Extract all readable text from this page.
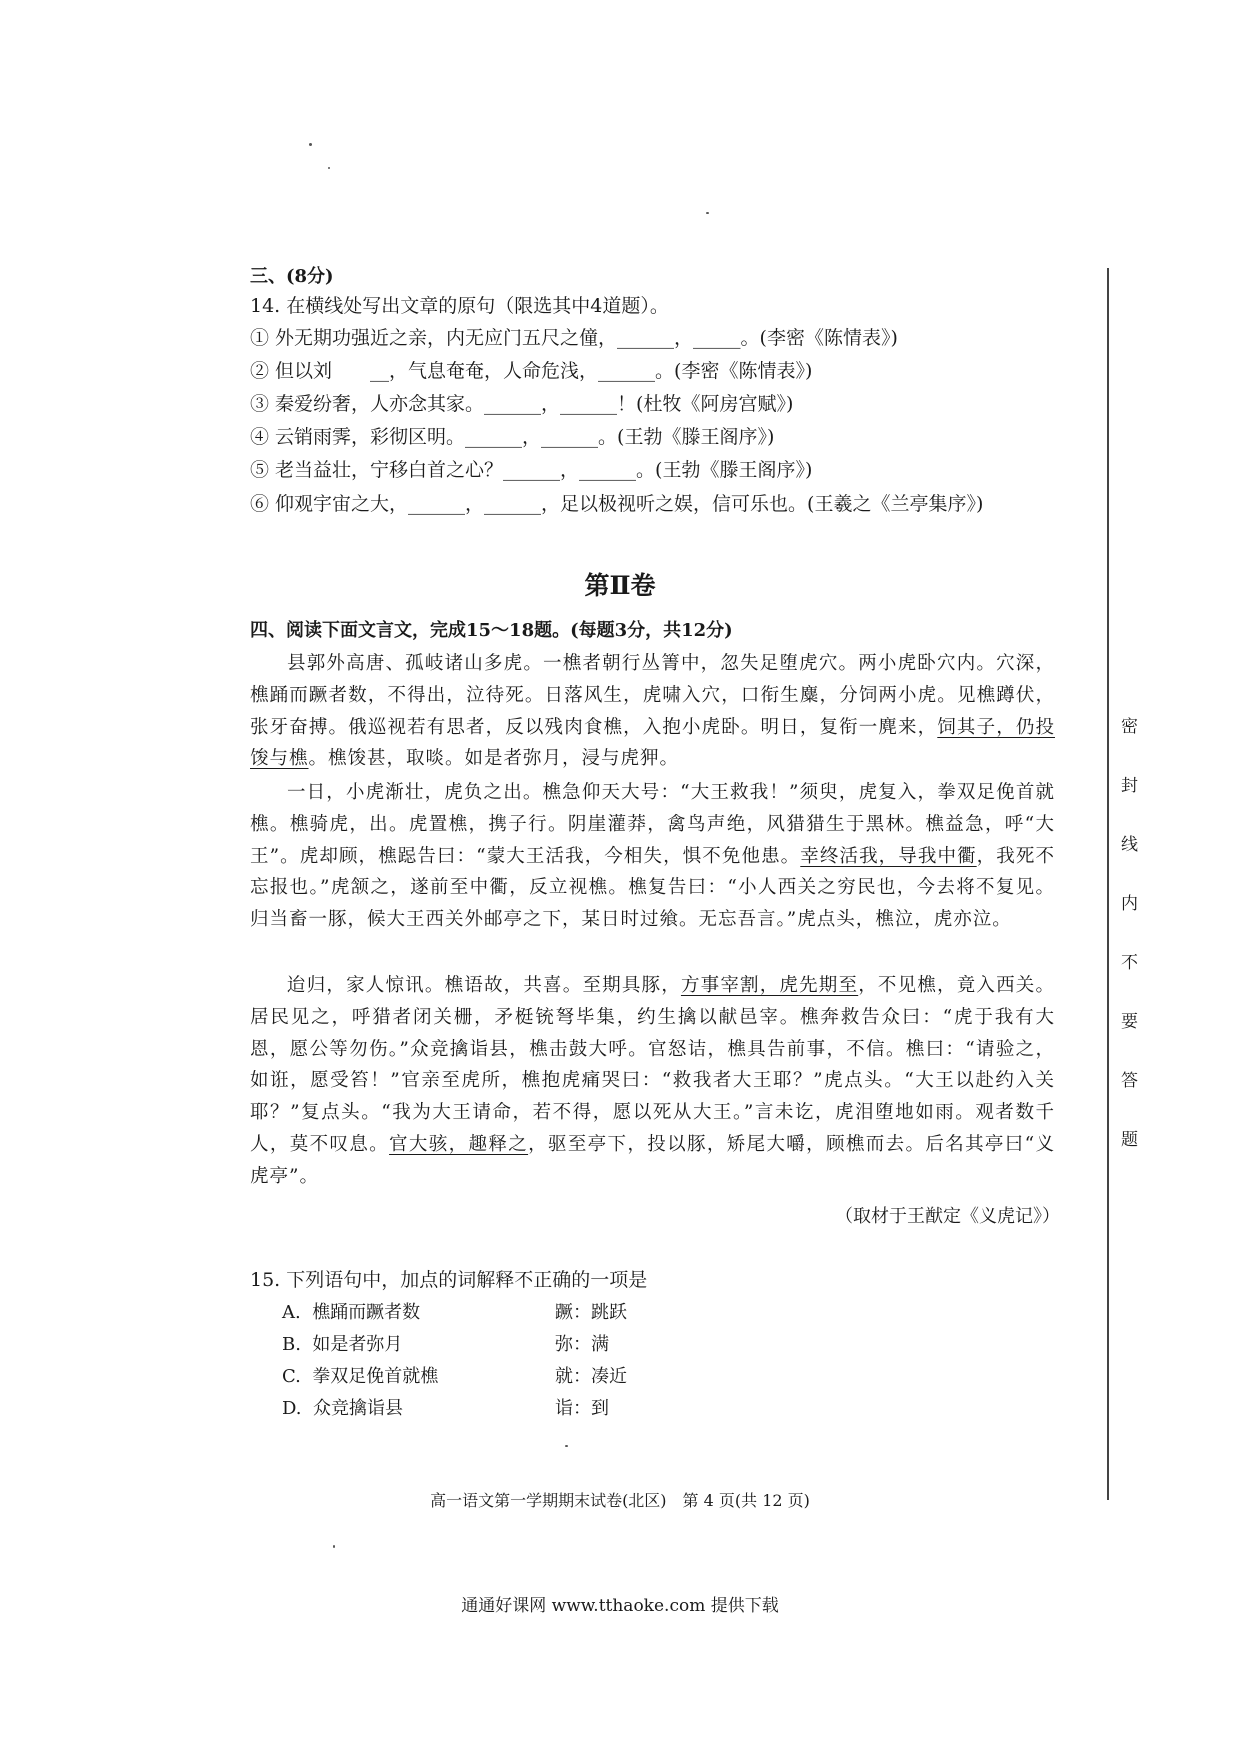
三、(8分)
14. 在横线处写出文章的原句（限选其中4道题）。
① 外无期功强近之亲，内无应门五尺之僮，______，_____。(李密《陈情表》)
② 但以刘　　__，气息奄奄，人命危浅，______。(李密《陈情表》)
③ 秦爱纷奢，人亦念其家。______，______！(杜牧《阿房宫赋》)
④ 云销雨霁，彩彻区明。______，______。(王勃《滕王阁序》)
⑤ 老当益壮，宁移白首之心？______，______。(王勃《滕王阁序》)
⑥ 仰观宇宙之大，______，______，足以极视听之娱，信可乐也。(王羲之《兰亭集序》)
第Ⅱ卷
四、阅读下面文言文，完成15～18题。(每题3分，共12分)
县郭外高唐、孤岐诸山多虎。一樵者朝行丛箐中，忽失足堕虎穴。两小虎卧穴内。穴深，樵踊而蹶者数，不得出，泣待死。日落风生，虎啸入穴，口衔生麋，分饲两小虎。见樵蹲伏，张牙奋搏。俄巡视若有思者，反以残肉食樵，入抱小虎卧。明日，复衔一麂来，饲其子，仍投馂与樵。樵馂甚，取啖。如是者弥月，浸与虎狎。
一日，小虎渐壮，虎负之出。樵急仰天大号：“大王救我！”须臾，虎复入，拳双足俛首就樵。樵骑虎，出。虎置樵，携子行。阴崖灌莽，禽鸟声绝，风猎猎生于黑林。樵益急，呼“大王”。虎却顾，樵跽告曰：“蒙大王活我，今相失，惧不免他患。幸终活我，导我中衢，我死不忘报也。”虎颔之，遂前至中衢，反立视樵。樵复告曰：“小人西关之穷民也，今去将不复见。归当畜一豚，候大王西关外邮亭之下，某日时过飨。无忘吾言。”虎点头，樵泣，虎亦泣。
迨归，家人惊讯。樵语故，共喜。至期具豚，方事宰割，虎先期至，不见樵，竟入西关。居民见之，呼猎者闭关栅，矛梃铳弩毕集，约生擒以献邑宰。樵奔救告众曰：“虎于我有大恩，愿公等勿伤。”众竞擒诣县，樵击鼓大呼。官怒诘，樵具告前事，不信。樵曰：“请验之，如诳，愿受笞！”官亲至虎所，樵抱虎痛哭曰：“救我者大王耶？”虎点头。“大王以赴约入关耶？”复点头。“我为大王请命，若不得，愿以死从大王。”言未讫，虎泪堕地如雨。观者数千人，莫不叹息。官大骇，趣释之，驱至亭下，投以豚，矫尾大嚼，顾樵而去。后名其亭曰“义虎亭”。
（取材于王猷定《义虎记》）
15. 下列语句中，加点的词解释不正确的一项是
A. 樵踊而蹶者数	蹶：跳跃
B. 如是者弥月	弥：满
C. 拳双足俛首就樵	就：凑近
D. 众竞擒诣县	诣：到
高一语文第一学期期末试卷(北区)　第 4 页(共 12 页)
通通好课网 www.tthaoke.com 提供下载
密
封
线
内
不
要
答
题
